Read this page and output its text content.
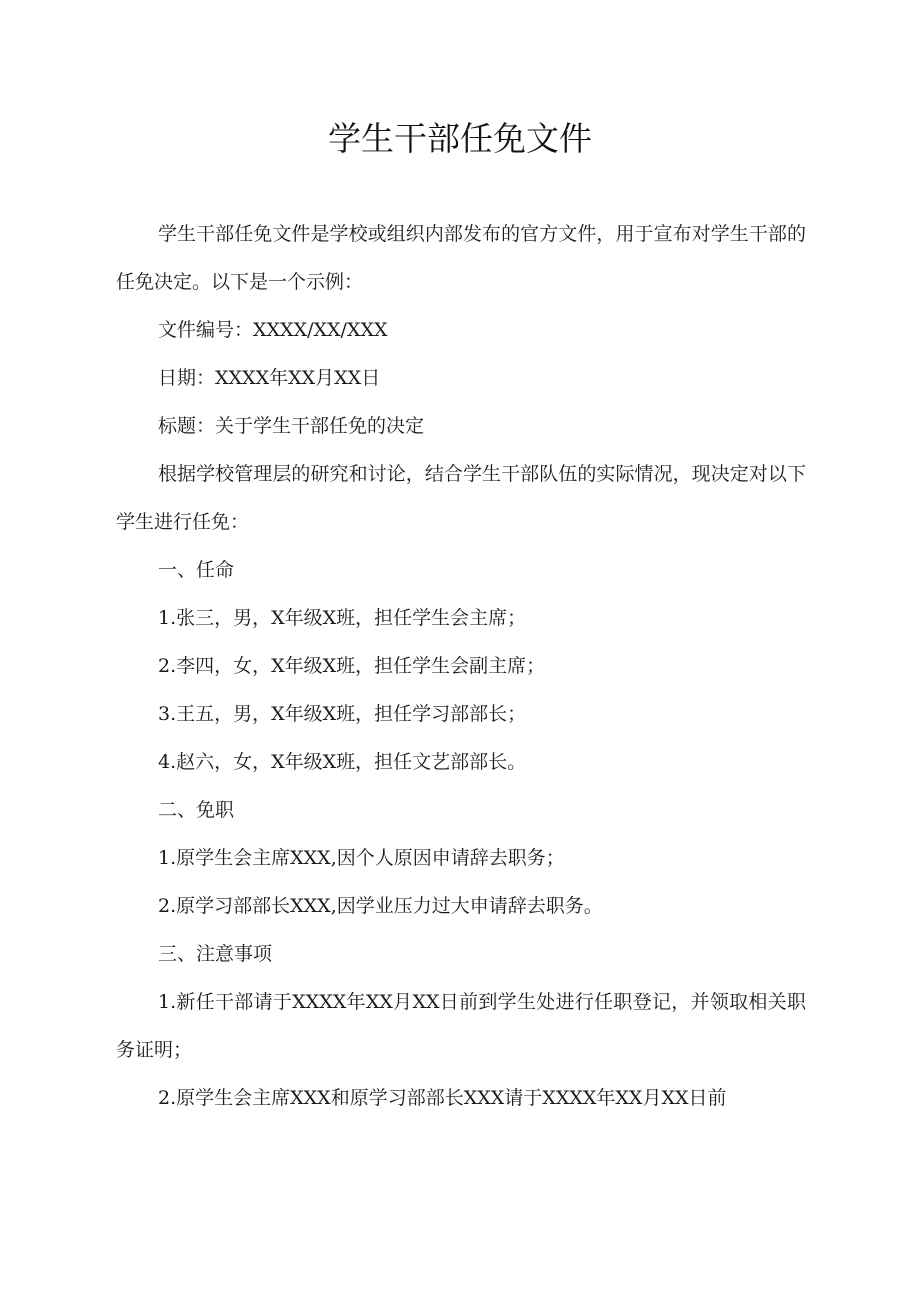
学生干部任免文件

学生干部任免文件是学校或组织内部发布的官方文件，用于宣布对学生干部的任免决定。以下是一个示例：

文件编号：XXXX/XX/XXX

日期：XXXX年XX月XX日

标题：关于学生干部任免的决定

根据学校管理层的研究和讨论，结合学生干部队伍的实际情况，现决定对以下学生进行任免：

一、任命

1.张三，男，X年级X班，担任学生会主席；

2.李四，女，X年级X班，担任学生会副主席；

3.王五，男，X年级X班，担任学习部部长；

4.赵六，女，X年级X班，担任文艺部部长。

二、免职

1.原学生会主席XXX,因个人原因申请辞去职务；

2.原学习部部长XXX,因学业压力过大申请辞去职务。

三、注意事项

1.新任干部请于XXXX年XX月XX日前到学生处进行任职登记，并领取相关职务证明；

2.原学生会主席XXX和原学习部部长XXX请于XXXX年XX月XX日前
